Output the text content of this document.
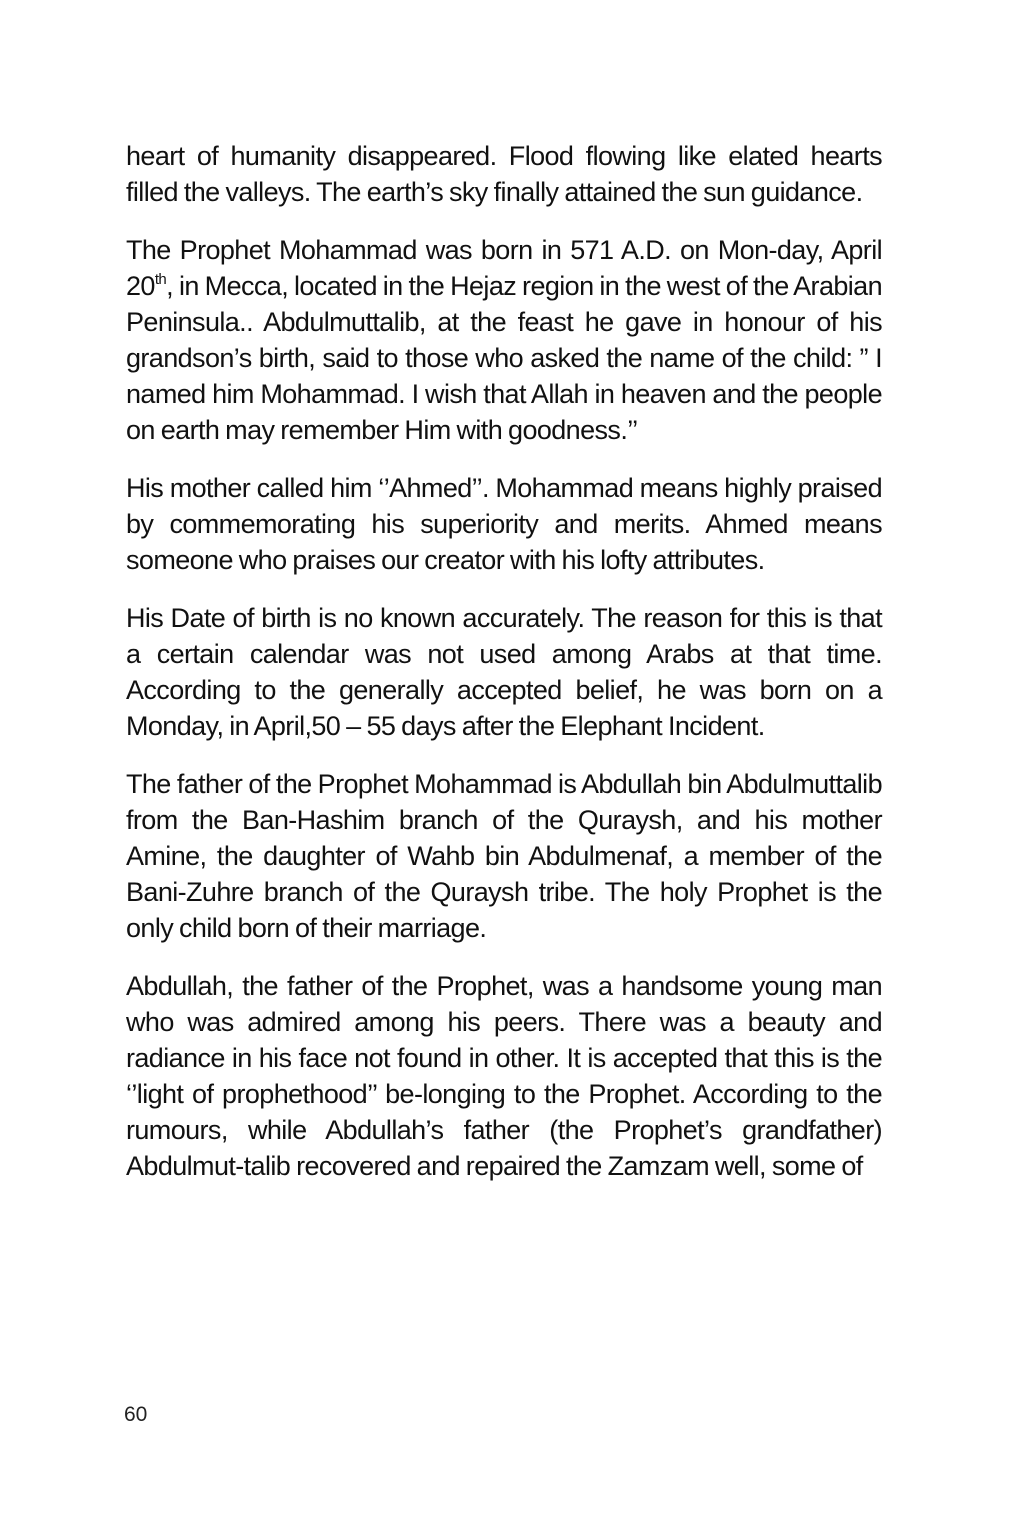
heart of humanity disappeared. Flood flowing like elated hearts filled the valleys. The earth’s sky finally attained the sun guidance.

The Prophet Mohammad was born in 571 A.D. on Mon-day, April 20th, in Mecca, located in the Hejaz region in the west of the Arabian Peninsula.. Abdulmuttalib, at the feast he gave in honour of his grandson’s birth, said to those who asked the name of the child: ” I named him Mohammad. I wish that Allah in heaven and the people on earth may remember Him with goodness.’’

His mother called him ‘’Ahmed’’. Mohammad means highly praised by commemorating his superiority and merits. Ahmed means someone who praises our creator with his lofty attributes.

His Date of birth is no known accurately. The reason for this is that a certain calendar was not used among Arabs at that time. According to the generally accepted belief, he was born on a Monday, in April,50 – 55 days after the Elephant Incident.

The father of the Prophet Mohammad is Abdullah bin Abdulmuttalib from the Ban-Hashim branch of the Quraysh, and his mother Amine, the daughter of Wahb bin Abdulmenaf, a member of the Bani-Zuhre branch of the Quraysh tribe. The holy Prophet is the only child born of their marriage.

Abdullah, the father of the Prophet, was a handsome young man who was admired among his peers. There was a beauty and radiance in his face not found in other. It is accepted that this is the ‘’light of prophethood’’ be-longing to the Prophet. According to the rumours, while Abdullah’s father (the Prophet’s grandfather) Abdulmut-talib recovered and repaired the Zamzam well, some of

60
